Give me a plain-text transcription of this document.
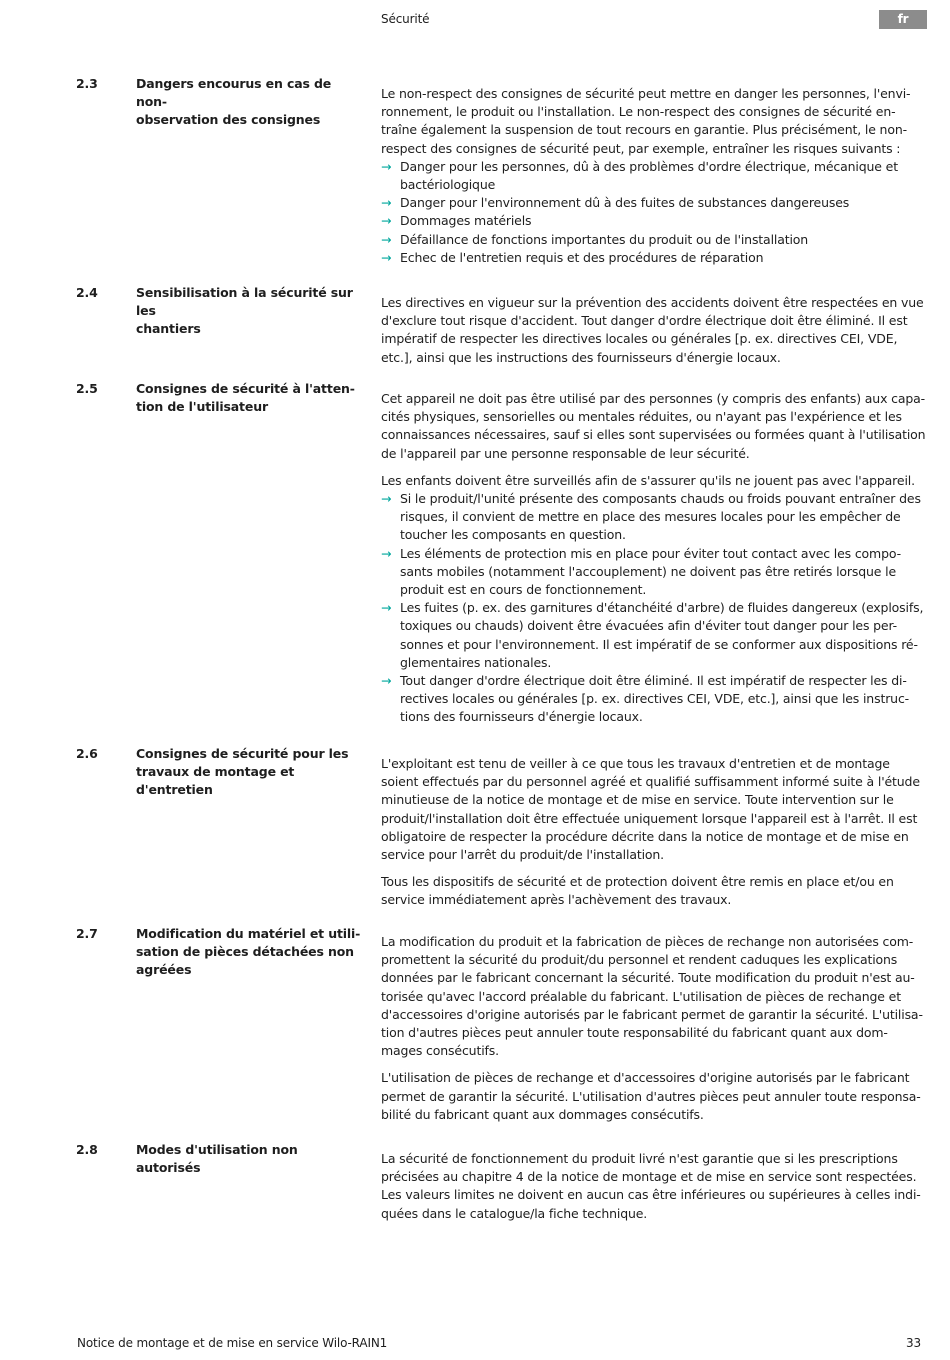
Sécurité	fr
2.3	Dangers encourus en cas de non-
observation des consignes

Le non-respect des consignes de sécurité peut mettre en danger les personnes, l'envi-
ronnement, le produit ou l'installation. Le non-respect des consignes de sécurité en-
traîne également la suspension de tout recours en garantie. Plus précisément, le non-
respect des consignes de sécurité peut, par exemple, entraîner les risques suivants :
→ Danger pour les personnes, dû à des problèmes d'ordre électrique, mécanique et
bactériologique
→ Danger pour l'environnement dû à des fuites de substances dangereuses
→ Dommages matériels
→ Défaillance de fonctions importantes du produit ou de l'installation
→ Echec de l'entretien requis et des procédures de réparation

2.4	Sensibilisation à la sécurité sur les
chantiers

Les directives en vigueur sur la prévention des accidents doivent être respectées en vue
d'exclure tout risque d'accident. Tout danger d'ordre électrique doit être éliminé. Il est
impératif de respecter les directives locales ou générales [p. ex. directives CEI, VDE,
etc.], ainsi que les instructions des fournisseurs d'énergie locaux.

2.5	Consignes de sécurité à l'atten-
tion de l'utilisateur

Cet appareil ne doit pas être utilisé par des personnes (y compris des enfants) aux capa-
cités physiques, sensorielles ou mentales réduites, ou n'ayant pas l'expérience et les
connaissances nécessaires, sauf si elles sont supervisées ou formées quant à l'utilisation
de l'appareil par une personne responsable de leur sécurité.

Les enfants doivent être surveillés afin de s'assurer qu'ils ne jouent pas avec l'appareil.
→ Si le produit/l'unité présente des composants chauds ou froids pouvant entraîner des
risques, il convient de mettre en place des mesures locales pour les empêcher de
toucher les composants en question.
→ Les éléments de protection mis en place pour éviter tout contact avec les compo-
sants mobiles (notamment l'accouplement) ne doivent pas être retirés lorsque le
produit est en cours de fonctionnement.
→ Les fuites (p. ex. des garnitures d'étanchéité d'arbre) de fluides dangereux (explosifs,
toxiques ou chauds) doivent être évacuées afin d'éviter tout danger pour les per-
sonnes et pour l'environnement. Il est impératif de se conformer aux dispositions ré-
glementaires nationales.
→ Tout danger d'ordre électrique doit être éliminé. Il est impératif de respecter les di-
rectives locales ou générales [p. ex. directives CEI, VDE, etc.], ainsi que les instruc-
tions des fournisseurs d'énergie locaux.

2.6	Consignes de sécurité pour les
travaux de montage et d'entretien

L'exploitant est tenu de veiller à ce que tous les travaux d'entretien et de montage
soient effectués par du personnel agréé et qualifié suffisamment informé suite à l'étude
minutieuse de la notice de montage et de mise en service. Toute intervention sur le
produit/l'installation doit être effectuée uniquement lorsque l'appareil est à l'arrêt. Il est
obligatoire de respecter la procédure décrite dans la notice de montage et de mise en
service pour l'arrêt du produit/de l'installation.

Tous les dispositifs de sécurité et de protection doivent être remis en place et/ou en
service immédiatement après l'achèvement des travaux.

2.7	Modification du matériel et utili-
sation de pièces détachées non
agréées

La modification du produit et la fabrication de pièces de rechange non autorisées com-
promettent la sécurité du produit/du personnel et rendent caduques les explications
données par le fabricant concernant la sécurité. Toute modification du produit n'est au-
torisée qu'avec l'accord préalable du fabricant. L'utilisation de pièces de rechange et
d'accessoires d'origine autorisés par le fabricant permet de garantir la sécurité. L'utilisa-
tion d'autres pièces peut annuler toute responsabilité du fabricant quant aux dom-
mages consécutifs.

L'utilisation de pièces de rechange et d'accessoires d'origine autorisés par le fabricant
permet de garantir la sécurité. L'utilisation d'autres pièces peut annuler toute responsa-
bilité du fabricant quant aux dommages consécutifs.

2.8	Modes d'utilisation non autorisés

La sécurité de fonctionnement du produit livré n'est garantie que si les prescriptions
précisées au chapitre 4 de la notice de montage et de mise en service sont respectées.
Les valeurs limites ne doivent en aucun cas être inférieures ou supérieures à celles indi-
quées dans le catalogue/la fiche technique.

Notice de montage et de mise en service Wilo-RAIN1	33
